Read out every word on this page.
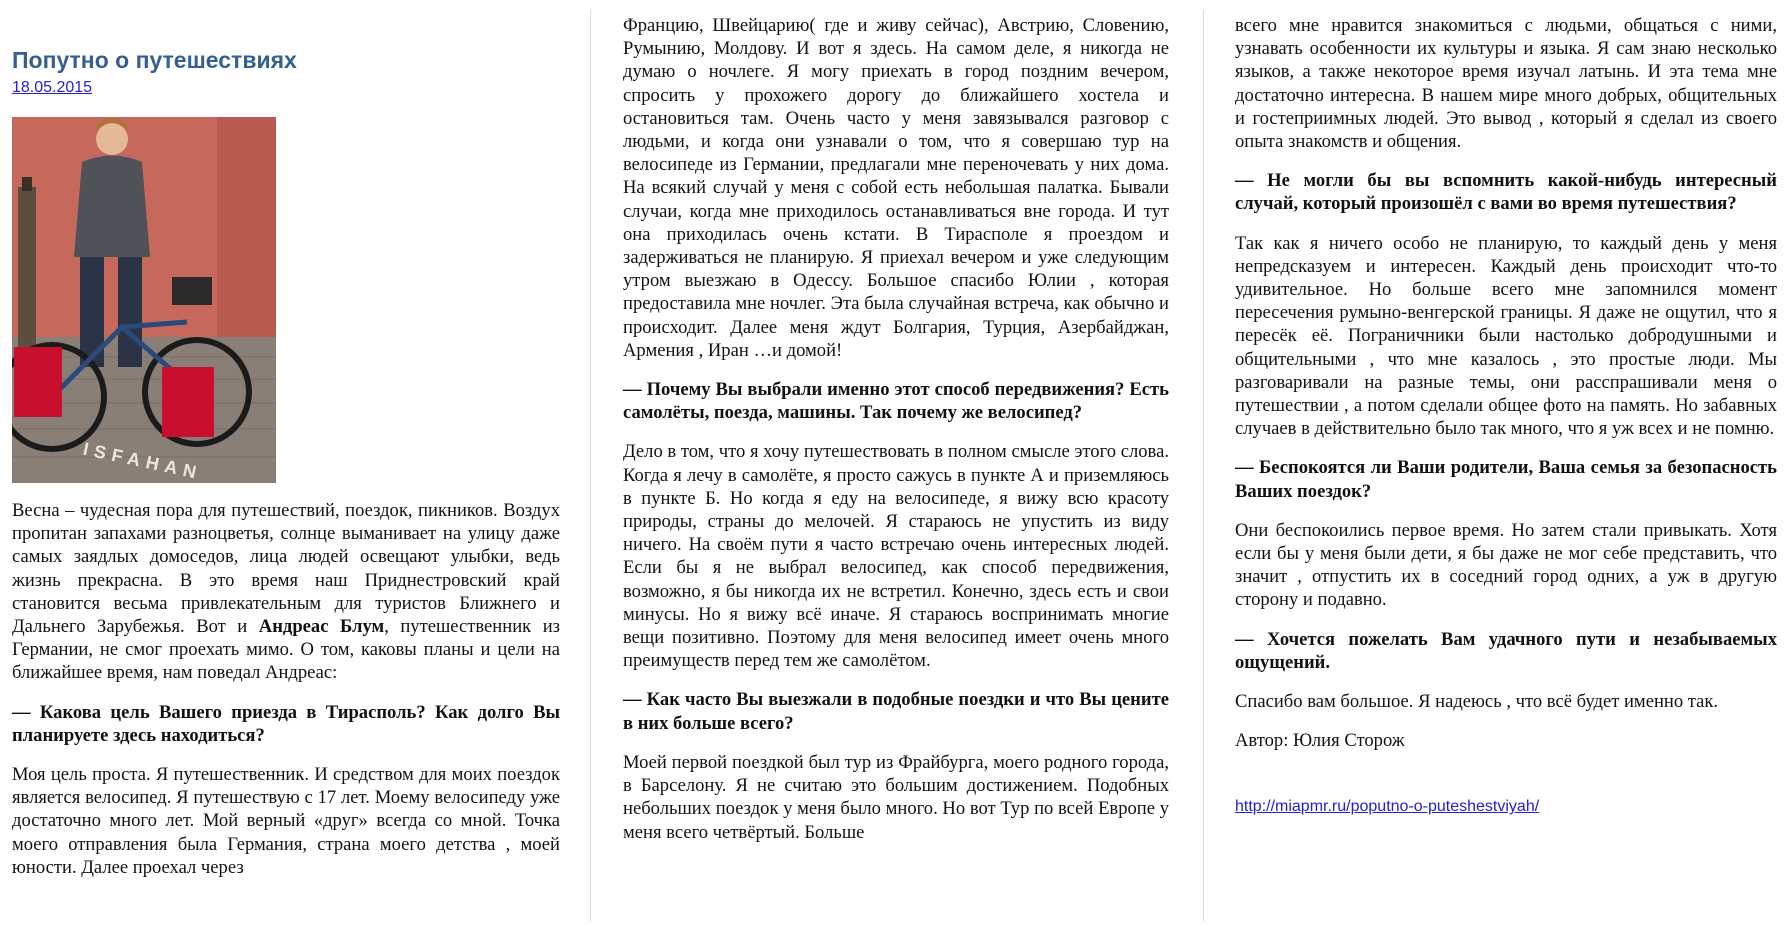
Попутно о путешествиях
18.05.2015
ISFAHAN

Весна – чудесная пора для путешествий, поездок, пикников. Воздух пропитан запахами разноцветья, солнце выманивает на улицу даже самых заядлых домоседов, лица людей освещают улыбки, ведь жизнь прекрасна. В это время наш Приднестровский край становится весьма привлекательным для туристов Ближнего и Дальнего Зарубежья. Вот и Андреас Блум, путешественник из Германии, не смог проехать мимо. О том, каковы планы и цели на ближайшее время, нам поведал Андреас:

— Какова цель Вашего приезда в Тирасполь? Как долго Вы планируете здесь находиться?

Моя цель проста. Я путешественник. И средством для моих поездок является велосипед. Я путешествую с 17 лет. Моему велосипеду уже достаточно много лет. Мой верный «друг» всегда со мной. Точка моего отправления была Германия, страна моего детства , моей юности. Далее проехал через

Францию, Швейцарию( где и живу сейчас), Австрию, Словению, Румынию, Молдову. И вот я здесь. На самом деле, я никогда не думаю о ночлеге. Я могу приехать в город поздним вечером, спросить у прохожего дорогу до ближайшего хостела и остановиться там. Очень часто у меня завязывался разговор с людьми, и когда они узнавали о том, что я совершаю тур на велосипеде из Германии, предлагали мне переночевать у них дома. На всякий случай у меня с собой есть небольшая палатка. Бывали случаи, когда мне приходилось останавливаться вне города. И тут она приходилась очень кстати. В Тирасполе я проездом и задерживаться не планирую. Я приехал вечером и уже следующим утром выезжаю в Одессу. Большое спасибо Юлии , которая предоставила мне ночлег. Эта была случайная встреча, как обычно и происходит. Далее меня ждут Болгария, Турция, Азербайджан, Армения , Иран …и домой!

— Почему Вы выбрали именно этот способ передвижения? Есть самолёты, поезда, машины. Так почему же велосипед?

Дело в том, что я хочу путешествовать в полном смысле этого слова. Когда я лечу в самолёте, я просто сажусь в пункте А и приземляюсь в пункте Б. Но когда я еду на велосипеде, я вижу всю красоту природы, страны до мелочей. Я стараюсь не упустить из виду ничего. На своём пути я часто встречаю очень интересных людей. Если бы я не выбрал велосипед, как способ передвижения, возможно, я бы никогда их не встретил. Конечно, здесь есть и свои минусы. Но я вижу всё иначе. Я стараюсь воспринимать многие вещи позитивно. Поэтому для меня велосипед имеет очень много преимуществ перед тем же самолётом.

— Как часто Вы выезжали в подобные поездки и что Вы цените в них больше всего?

Моей первой поездкой был тур из Фрайбурга, моего родного города, в Барселону. Я не считаю это большим достижением. Подобных небольших поездок у меня было много. Но вот Тур по всей Европе у меня всего четвёртый. Больше

всего мне нравится знакомиться с людьми, общаться с ними, узнавать особенности их культуры и языка. Я сам знаю несколько языков, а также некоторое время изучал латынь. И эта тема мне достаточно интересна. В нашем мире много добрых, общительных и гостеприимных людей. Это вывод , который я сделал из своего опыта знакомств и общения.

— Не могли бы вы вспомнить какой-нибудь интересный случай, который произошёл с вами во время путешествия?

Так как я ничего особо не планирую, то каждый день у меня непредсказуем и интересен. Каждый день происходит что-то удивительное. Но больше всего мне запомнился момент пересечения румыно-венгерской границы. Я даже не ощутил, что я пересёк её. Пограничники были настолько добродушными и общительными , что мне казалось , это простые люди. Мы разговаривали на разные темы, они расспрашивали меня о путешествии , а потом сделали общее фото на память. Но забавных случаев в действительно было так много, что я уж всех и не помню.

— Беспокоятся ли Ваши родители, Ваша семья за безопасность Ваших поездок?

Они беспокоились первое время. Но затем стали привыкать. Хотя если бы у меня были дети, я бы даже не мог себе представить, что значит , отпустить их в соседний город одних, а уж в другую сторону и подавно.

— Хочется пожелать Вам удачного пути и незабываемых ощущений.

Спасибо вам большое. Я надеюсь , что всё будет именно так.

Автор: Юлия Сторож

http://miapmr.ru/poputno-o-puteshestviyah/
